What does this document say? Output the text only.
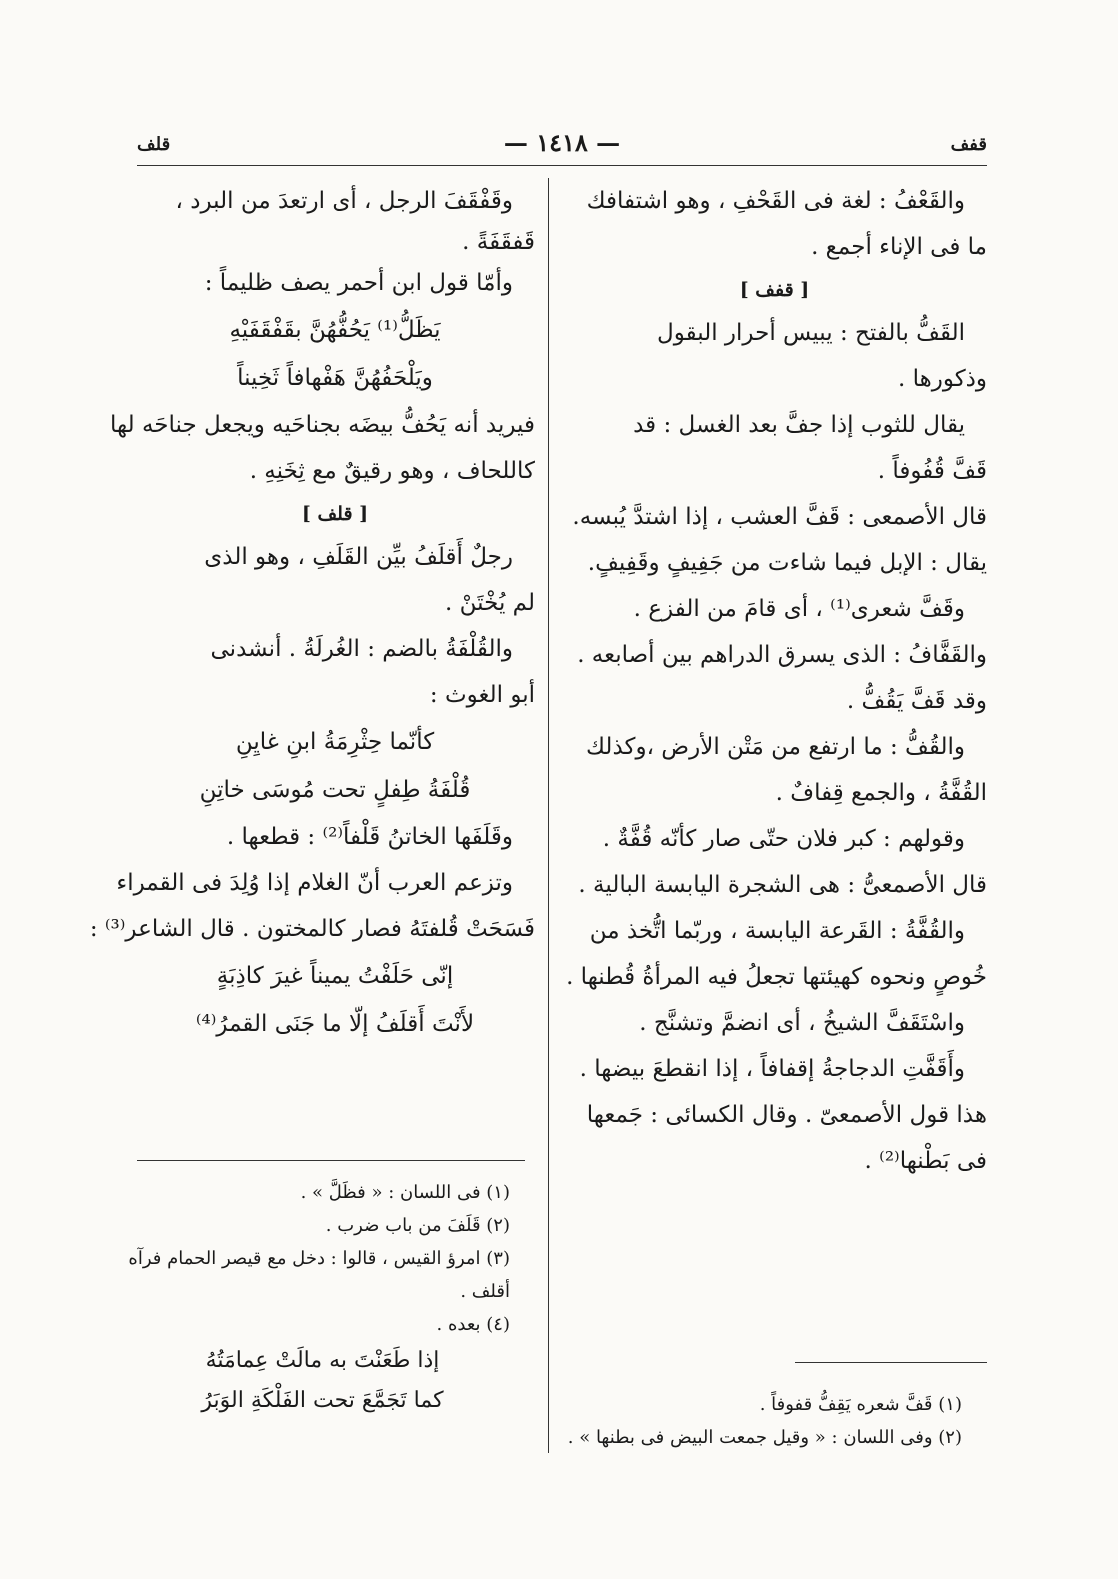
قفف
— ١٤١٨ —
قلف
والقَعْفُ : لغة فى القَحْفِ ، وهو اشتفافك
ما فى الإناء أجمع .
[ قفف ]
القَفُّ بالفتح : يبيس أحرار البقول
وذكورها .
يقال للثوب إذا جفَّ بعد الغسل : قد
قَفَّ قُفُوفاً .
قال الأصمعى : قَفَّ العشب ، إذا اشتدَّ يُبسه.
يقال : الإبل فيما شاءت من جَفِيفٍ وقَفِيفٍ.
وقَفَّ شعرى⁽¹⁾ ، أى قامَ من الفزع .
والقَفَّافُ : الذى يسرق الدراهم بين أصابعه .
وقد قَفَّ يَقُفُّ .
والقُفُّ : ما ارتفع من مَتْن الأرض ،وكذلك
القُفَّةُ ، والجمع قِفافٌ .
وقولهم : كبر فلان حتّى صار كأنّه قُفَّةٌ .
قال الأصمعىُّ : هى الشجرة اليابسة البالية .
والقُفَّةُ : القَرعة اليابسة ، وربّما اتُّخذ من
خُوصٍ ونحوه كهيئتها تجعلُ فيه المرأةُ قُطنها .
واسْتَقَفَّ الشيخُ ، أى انضمَّ وتشنَّج .
وأَقَفَّتِ الدجاجةُ إقفافاً ، إذا انقطعَ بيضها .
هذا قول الأصمعىّ . وقال الكسائى : جَمعها
فى بَطْنها⁽²⁾ .
(١) قَفَّ شعره يَقِفُّ قفوفاً .
(٢) وفى اللسان : « وقيل جمعت البيض فى بطنها » .
وقَفْقَفَ الرجل ، أى ارتعدَ من البرد ،
قَفقَفَةً .
وأمّا قول ابن أحمر يصف ظليماً :
يَظَلُّ⁽¹⁾ يَحُفُّهُنَّ بقَفْقَفَيْهِ
ويَلْحَفُهُنَّ هَفْهافاً ثَخِيناً
فيريد أنه يَحُفُّ بيضَه بجناحَيه ويجعل جناحَه لها
كاللحاف ، وهو رقيقٌ مع ثِخَنِهِ .
[ قلف ]
رجلٌ أَقلَفُ بيِّن القَلَفِ ، وهو الذى
لم يُخْتَنْ .
والقُلْفَةُ بالضم : الغُرلَةُ . أنشدنى
أبو الغوث :
كأنّما حِثْرِمَةُ ابنِ غايِنِ
قُلْفَةُ طِفلٍ تحت مُوسَى خاتِنِ
وقَلَفَها الخاتنُ قَلْفاً⁽²⁾ : قطعها .
وتزعم العرب أنّ الغلام إذا وُلِدَ فى القمراء
فَسَحَتْ قُلفتَهُ فصار كالمختون . قال الشاعر⁽³⁾ :
إنّى حَلَفْتُ يميناً غيرَ كاذِبَةٍ
لأَنْتَ أَقلَفُ إلّا ما جَنَى القمرُ⁽⁴⁾
(١) فى اللسان : « فظَلَّ » .
(٢) قَلَفَ من باب ضرب .
(٣) امرؤ القيس ، قالوا : دخل مع قيصر الحمام فرآه
أقلف .
(٤) بعده .
إذا طَعَنْتَ به مالَتْ عِمامَتُهُ
كما تَجَمَّعَ تحت الفَلْكَةِ الوَبَرُ
